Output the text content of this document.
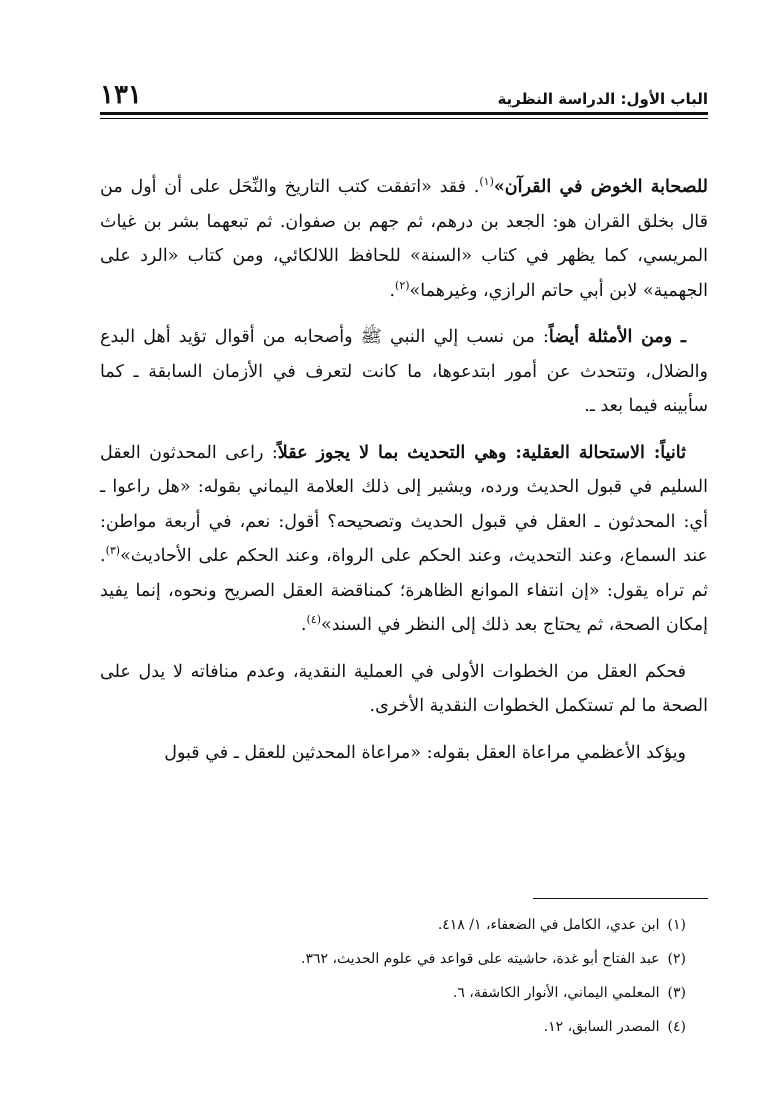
الباب الأول: الدراسة النظرية
١٣١

للصحابة الخوض في القرآن»$^{(١)}$. فقد «اتفقت كتب التاريخ والنِّحَل على أن أول من قال بخلق القران هو: الجعد بن درهم، ثم جهم بن صفوان. ثم تبعهما بشر بن غياث المريسي، كما يظهر في كتاب «السنة» للحافظ اللالكائي، ومن كتاب «الرد على الجهمية» لابن أبي حاتم الرازي، وغيرهما»$^{(٢)}$.

ـ ومن الأمثلة أيضاً: من نسب إلي النبي ﷺ وأصحابه من أقوال تؤيد أهل البدع والضلال، وتتحدث عن أمور ابتدعوها، ما كانت لتعرف في الأزمان السابقة ـ كما سأبينه فيما بعد ـ.

ثانياً: الاستحالة العقلية: وهي التحديث بما لا يجوز عقلاً: راعى المحدثون العقل السليم في قبول الحديث ورده، ويشير إلى ذلك العلامة اليماني بقوله: «هل راعوا ـ أي: المحدثون ـ العقل في قبول الحديث وتصحيحه؟ أقول: نعم، في أربعة مواطن: عند السماع، وعند التحديث، وعند الحكم على الرواة، وعند الحكم على الأحاديث»$^{(٣)}$. ثم تراه يقول: «إن انتفاء الموانع الظاهرة؛ كمناقضة العقل الصريح ونحوه، إنما يفيد إمكان الصحة، ثم يحتاج بعد ذلك إلى النظر في السند»$^{(٤)}$.

فحكم العقل من الخطوات الأولى في العملية النقدية، وعدم منافاته لا يدل على الصحة ما لم تستكمل الخطوات النقدية الأخرى.

ويؤكد الأعظمي مراعاة العقل بقوله: «مراعاة المحدثين للعقل ـ في قبول

(١)ابن عدي، الكامل في الضعفاء، ١/ ٤١٨.
(٢)عبد الفتاح أبو غدة، حاشيته على قواعد في علوم الحديث، ٣٦٢.
(٣)المعلمي اليماني، الأنوار الكاشفة، ٦.
(٤)المصدر السابق، ١٢.
